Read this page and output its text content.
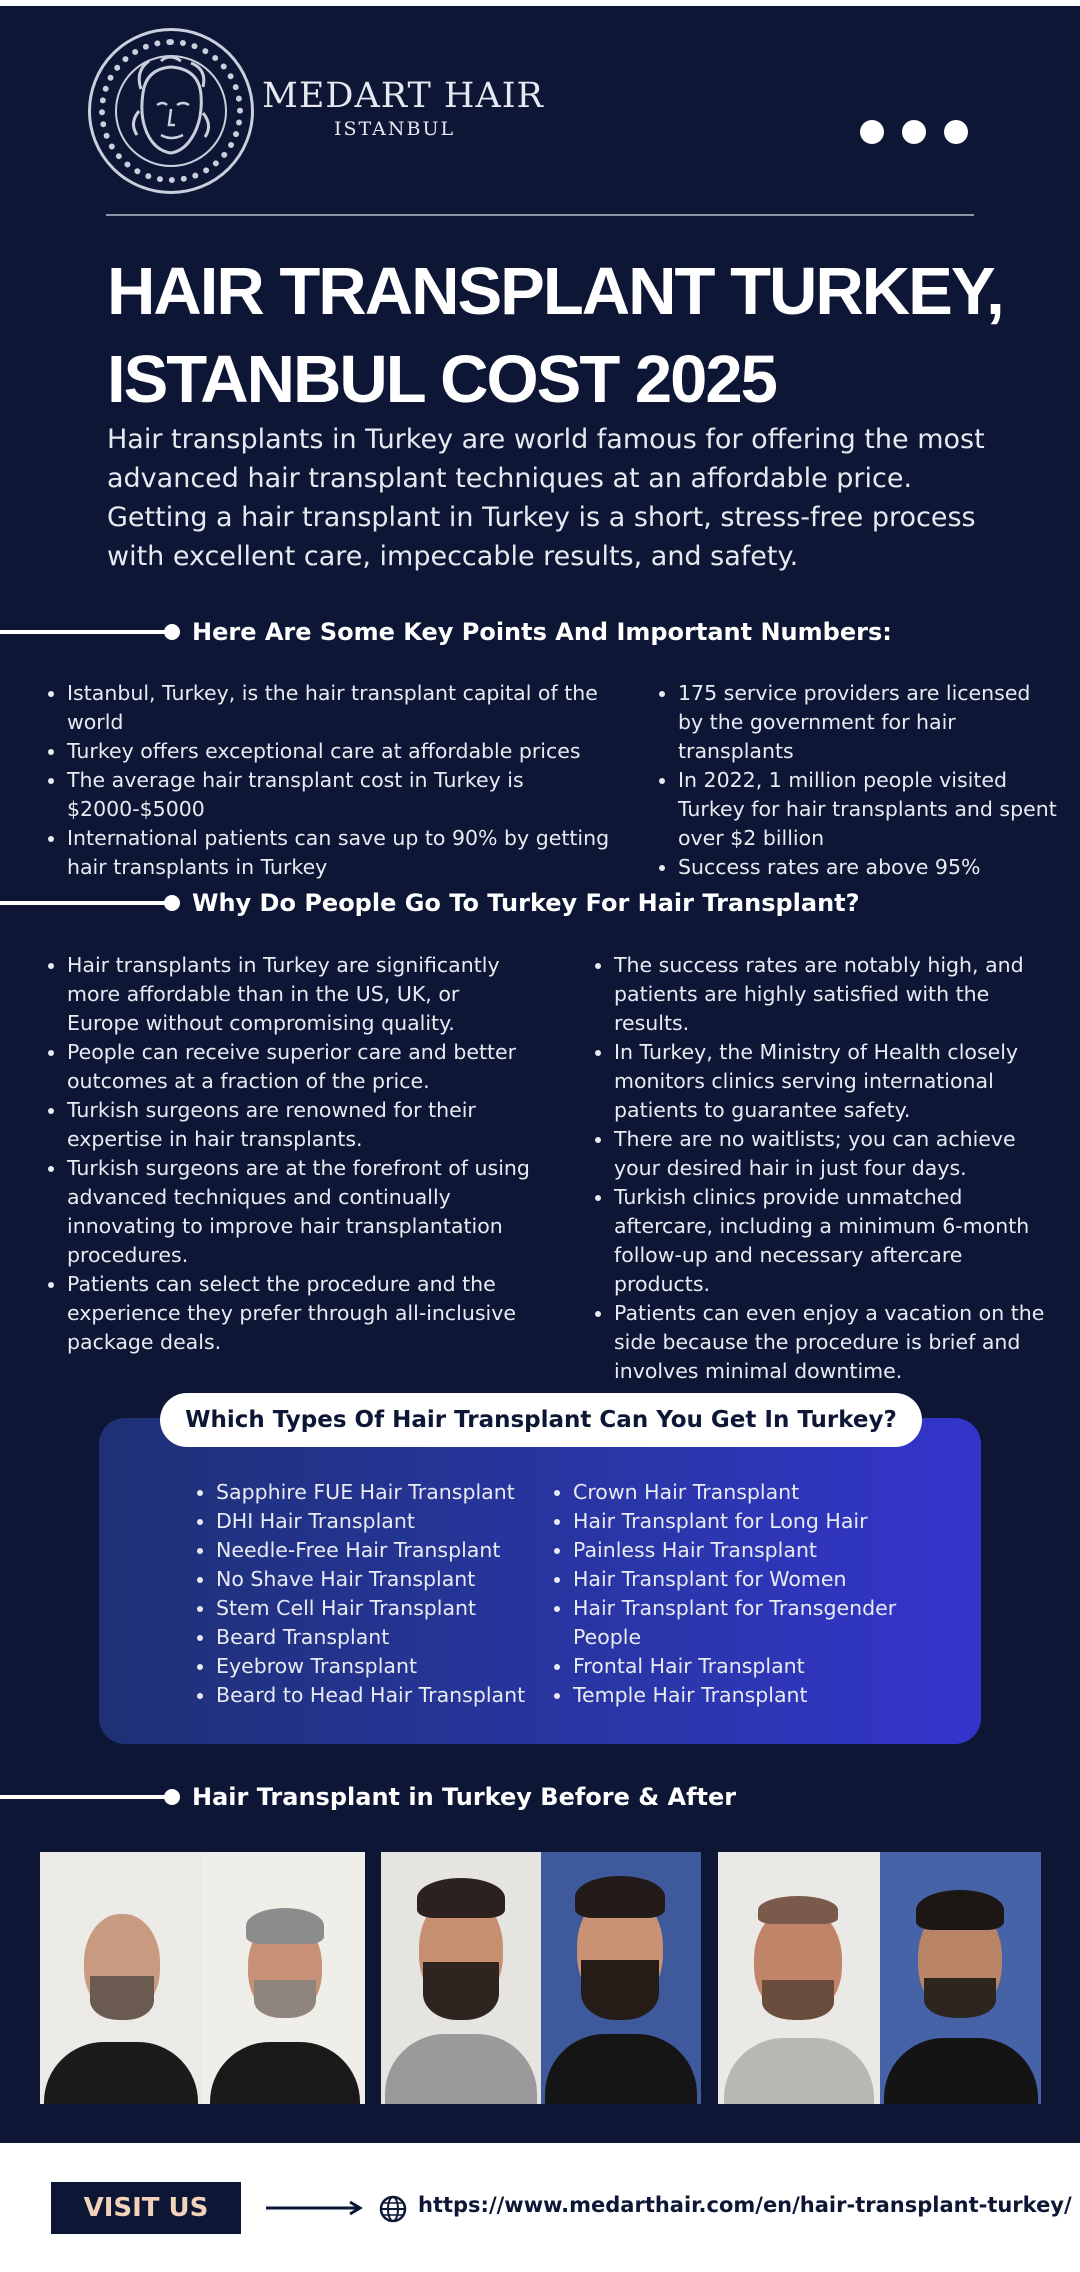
MEDART HAIR
ISTANBUL
HAIR TRANSPLANT TURKEY,
ISTANBUL COST 2025
Hair transplants in Turkey are world famous for offering the most advanced hair transplant techniques at an affordable price. Getting a hair transplant in Turkey is a short, stress-free process with excellent care, impeccable results, and safety.
Here Are Some Key Points And Important Numbers:
Istanbul, Turkey, is the hair transplant capital of the world
Turkey offers exceptional care at affordable prices
The average hair transplant cost in Turkey is $2000-$5000
International patients can save up to 90% by getting hair transplants in Turkey
175 service providers are licensed by the government for hair transplants
In 2022, 1 million people visited Turkey for hair transplants and spent over $2 billion
Success rates are above 95%
Why Do People Go To Turkey For Hair Transplant?
Hair transplants in Turkey are significantly more affordable than in the US, UK, or Europe without compromising quality.
People can receive superior care and better outcomes at a fraction of the price.
Turkish surgeons are renowned for their expertise in hair transplants.
Turkish surgeons are at the forefront of using advanced techniques and continually innovating to improve hair transplantation procedures.
Patients can select the procedure and the experience they prefer through all-inclusive package deals.
The success rates are notably high, and patients are highly satisfied with the results.
In Turkey, the Ministry of Health closely monitors clinics serving international patients to guarantee safety.
There are no waitlists; you can achieve your desired hair in just four days.
Turkish clinics provide unmatched aftercare, including a minimum 6-month follow-up and necessary aftercare products.
Patients can even enjoy a vacation on the side because the procedure is brief and involves minimal downtime.
Which Types Of Hair Transplant Can You Get In Turkey?
Sapphire FUE Hair Transplant
DHI Hair Transplant
Needle-Free Hair Transplant
No Shave Hair Transplant
Stem Cell Hair Transplant
Beard Transplant
Eyebrow Transplant
Beard to Head Hair Transplant
Crown Hair Transplant
Hair Transplant for Long Hair
Painless Hair Transplant
Hair Transplant for Women
Hair Transplant for Transgender People
Frontal Hair Transplant
Temple Hair Transplant
Hair Transplant in Turkey Before & After
VISIT US	https://www.medarthair.com/en/hair-transplant-turkey/
